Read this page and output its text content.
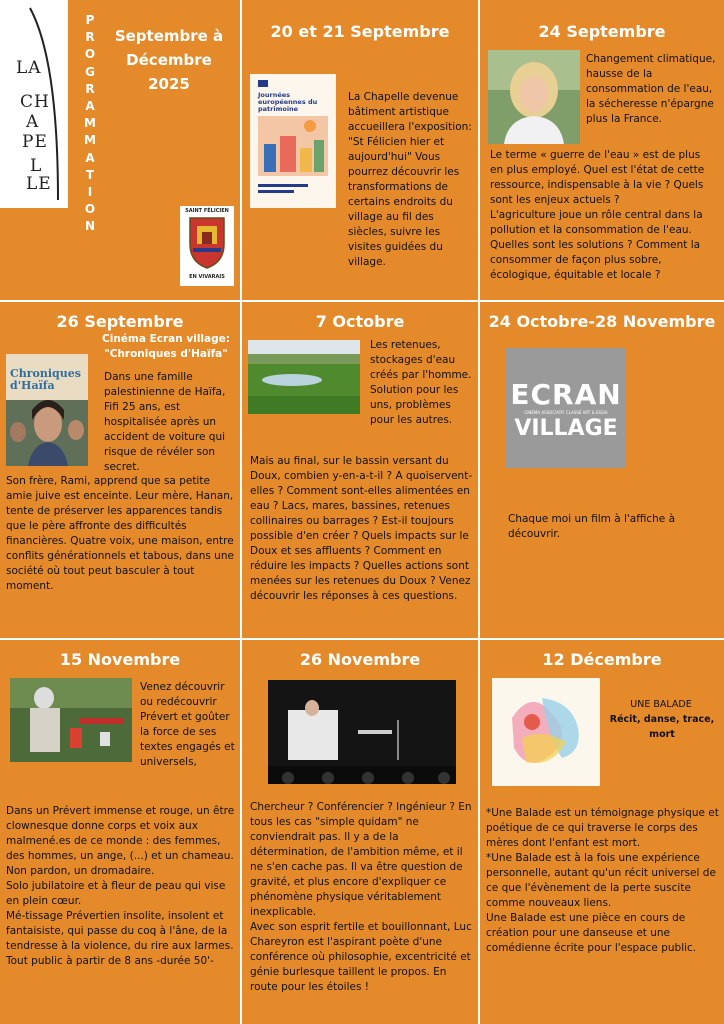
LA
CH
A
PE
L
LE
PROGRAMMATION
Septembre à
Décembre
2025
SAINT FÉLICIEN
EN VIVARAIS
20 et 21 Septembre
Journées européennes du patrimoine
La Chapelle devenue bâtiment artistique accueillera l'exposition: "St Félicien hier et aujourd'hui" Vous pourrez découvrir les transformations de certains endroits du village au fil des siècles, suivre les visites guidées du village.
24 Septembre
Changement climatique, hausse de la consommation de l'eau, la sécheresse n'épargne plus la France.
Le terme « guerre de l'eau » est de plus en plus employé. Quel est l'état de cette ressource, indispensable à la vie ? Quels sont les enjeux actuels ?
L'agriculture joue un rôle central dans la pollution et la consommation de l'eau. Quelles sont les solutions ? Comment la consommer de façon plus sobre, écologique, équitable et locale ?
26 Septembre
Cinéma Ecran village: "Chroniques d'Haïfa"
Chroniques d'Haïfa
Dans une famille palestinienne de Haïfa, Fifi 25 ans, est hospitalisée après un accident de voiture qui risque de révéler son secret.
Son frère, Rami, apprend que sa petite amie juive est enceinte. Leur mère, Hanan, tente de préserver les apparences tandis que le père affronte des difficultés financières. Quatre voix, une maison, entre conflits générationnels et tabous, dans une société où tout peut basculer à tout moment.
7 Octobre
Les retenues, stockages d'eau créés par l'homme. Solution pour les uns, problèmes pour les autres.
Mais au final, sur le bassin versant du Doux, combien y-en-a-t-il ? A quoiservent-elles ? Comment sont-elles alimentées en eau ? Lacs, mares, bassines, retenues collinaires ou barrages ? Est-il toujours possible d'en créer ? Quels impacts sur le Doux et ses affluents ? Comment en réduire les impacts ? Quelles actions sont menées sur les retenues du Doux ? Venez découvrir les réponses à ces questions.
24 Octobre-28 Novembre
ECRAN
CINÉMA ASSOCIATIF CLASSÉ ART & ESSAI
VILLAGE
Chaque moi un film à l'affiche à découvrir.
15 Novembre
Venez découvrir ou redécouvrir Prévert et goûter la force de ses textes engagés et universels,
Dans un Prévert immense et rouge, un être clownesque donne corps et voix aux malmené.es de ce monde : des femmes, des hommes, un ange, (...) et un chameau. Non pardon, un dromadaire.
Solo jubilatoire et à fleur de peau qui vise en plein cœur.
Mé-tissage Prévertien insolite, insolent et fantaisiste, qui passe du coq à l'âne, de la tendresse à la violence, du rire aux larmes. Tout public à partir de 8 ans -durée 50'-
26 Novembre
Chercheur ? Conférencier ? Ingénieur ? En tous les cas "simple quidam" ne conviendrait pas. Il y a de la détermination, de l'ambition même, et il ne s'en cache pas. Il va être question de gravité, et plus encore d'expliquer ce phénomène physique véritablement inexplicable.
Avec son esprit fertile et bouillonnant, Luc Chareyron est l'aspirant poète d'une conférence où philosophie, excentricité et génie burlesque taillent le propos. En route pour les étoiles !
12 Décembre
UNE BALADE
Récit, danse, trace, mort
*Une Balade est un témoignage physique et poétique de ce qui traverse le corps des mères dont l'enfant est mort.
*Une Balade est à la fois une expérience personnelle, autant qu'un récit universel de ce que l'évènement de la perte suscite comme nouveaux liens.
Une Balade est une pièce en cours de création pour une danseuse et une comédienne écrite pour l'espace public.
